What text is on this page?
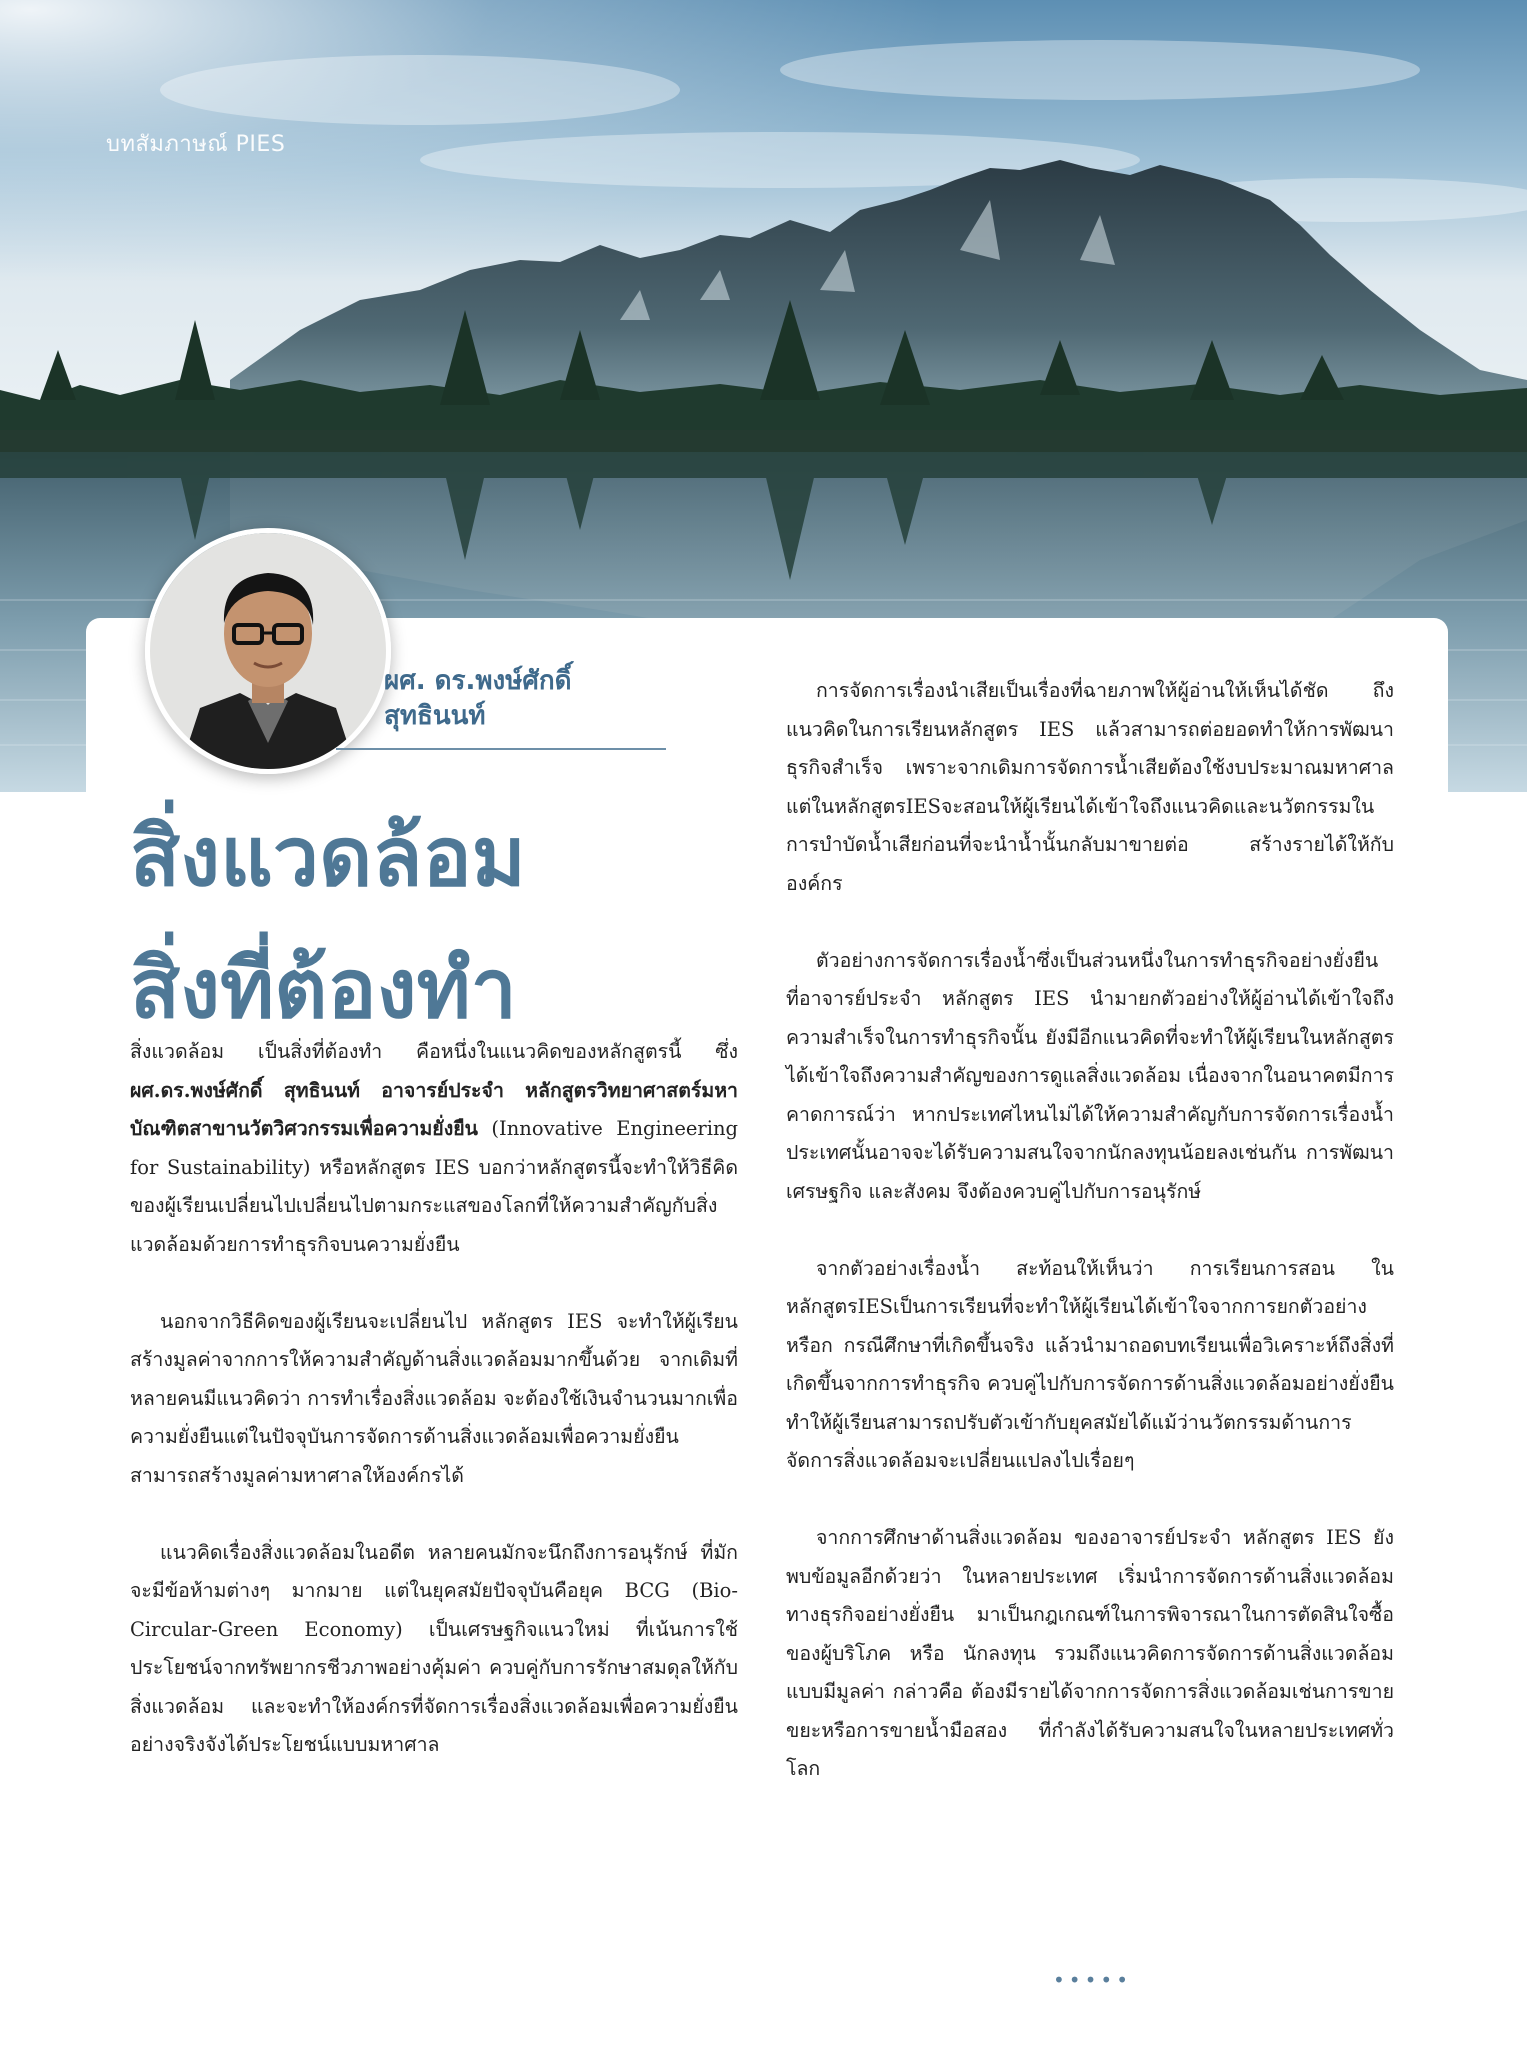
บทสัมภาษณ์ PIES
ผศ. ดร.พงษ์ศักดิ์
สุทธินนท์
สิ่งแวดล้อม
สิ่งที่ต้องทำ

สิ่งแวดล้อม เป็นสิ่งที่ต้องทำ คือหนึ่งในแนวคิดของหลักสูตรนี้ ซึ่ง ผศ.ดร.พงษ์ศักดิ์ สุทธินนท์ อาจารย์ประจำ หลักสูตรวิทยาศาสตร์มหาบัณฑิตสาขานวัตวิศวกรรมเพื่อความยั่งยืน (Innovative Engineering for Sustainability) หรือหลักสูตร IES บอกว่าหลักสูตรนี้จะทำให้วิธีคิดของผู้เรียนเปลี่ยนไปเปลี่ยนไปตามกระแสของโลกที่ให้ความสำคัญกับสิ่งแวดล้อมด้วยการทำธุรกิจบนความยั่งยืน

นอกจากวิธีคิดของผู้เรียนจะเปลี่ยนไป หลักสูตร IES จะทำให้ผู้เรียนสร้างมูลค่าจากการให้ความสำคัญด้านสิ่งแวดล้อมมากขึ้นด้วย จากเดิมที่หลายคนมีแนวคิดว่า การทำเรื่องสิ่งแวดล้อม จะต้องใช้เงินจำนวนมากเพื่อความยั่งยืนแต่ในปัจจุบันการจัดการด้านสิ่งแวดล้อมเพื่อความยั่งยืนสามารถสร้างมูลค่ามหาศาลให้องค์กรได้

แนวคิดเรื่องสิ่งแวดล้อมในอดีต หลายคนมักจะนึกถึงการอนุรักษ์ ที่มักจะมีข้อห้ามต่างๆ มากมาย แต่ในยุคสมัยปัจจุบันคือยุค BCG (Bio-Circular-Green Economy) เป็นเศรษฐกิจแนวใหม่ ที่เน้นการใช้ประโยชน์จากทรัพยากรชีวภาพอย่างคุ้มค่า ควบคู่กับการรักษาสมดุลให้กับสิ่งแวดล้อม และจะทำให้องค์กรที่จัดการเรื่องสิ่งแวดล้อมเพื่อความยั่งยืนอย่างจริงจังได้ประโยชน์แบบมหาศาล

การจัดการเรื่องนำเสียเป็นเรื่องที่ฉายภาพให้ผู้อ่านให้เห็นได้ชัด ถึงแนวคิดในการเรียนหลักสูตร IES แล้วสามารถต่อยอดทำให้การพัฒนาธุรกิจสำเร็จ เพราะจากเดิมการจัดการน้ำเสียต้องใช้งบประมาณมหาศาลแต่ในหลักสูตรIESจะสอนให้ผู้เรียนได้เข้าใจถึงแนวคิดและนวัตกรรมในการบำบัดน้ำเสียก่อนที่จะนำน้ำนั้นกลับมาขายต่อ สร้างรายได้ให้กับองค์กร

ตัวอย่างการจัดการเรื่องน้ำซึ่งเป็นส่วนหนึ่งในการทำธุรกิจอย่างยั่งยืน ที่อาจารย์ประจำ หลักสูตร IES นำมายกตัวอย่างให้ผู้อ่านได้เข้าใจถึงความสำเร็จในการทำธุรกิจนั้น ยังมีอีกแนวคิดที่จะทำให้ผู้เรียนในหลักสูตรได้เข้าใจถึงความสำคัญของการดูแลสิ่งแวดล้อม เนื่องจากในอนาคตมีการคาดการณ์ว่า หากประเทศไหนไม่ได้ให้ความสำคัญกับการจัดการเรื่องน้ำประเทศนั้นอาจจะได้รับความสนใจจากนักลงทุนน้อยลงเช่นกัน การพัฒนาเศรษฐกิจ และสังคม จึงต้องควบคู่ไปกับการอนุรักษ์

จากตัวอย่างเรื่องน้ำ สะท้อนให้เห็นว่า การเรียนการสอน ในหลักสูตรIESเป็นการเรียนที่จะทำให้ผู้เรียนได้เข้าใจจากการยกตัวอย่าง หรือก กรณีศึกษาที่เกิดขึ้นจริง แล้วนำมาถอดบทเรียนเพื่อวิเคราะห์ถึงสิ่งที่เกิดขึ้นจากการทำธุรกิจ ควบคู่ไปกับการจัดการด้านสิ่งแวดล้อมอย่างยั่งยืนทำให้ผู้เรียนสามารถปรับตัวเข้ากับยุคสมัยได้แม้ว่านวัตกรรมด้านการจัดการสิ่งแวดล้อมจะเปลี่ยนแปลงไปเรื่อยๆ

จากการศึกษาด้านสิ่งแวดล้อม ของอาจารย์ประจำ หลักสูตร IES ยังพบข้อมูลอีกด้วยว่า ในหลายประเทศ เริ่มนำการจัดการด้านสิ่งแวดล้อมทางธุรกิจอย่างยั่งยืน มาเป็นกฎเกณฑ์ในการพิจารณาในการตัดสินใจซื้อของผู้บริโภค หรือ นักลงทุน รวมถึงแนวคิดการจัดการด้านสิ่งแวดล้อมแบบมีมูลค่า กล่าวคือ ต้องมีรายได้จากการจัดการสิ่งแวดล้อมเช่นการขายขยะหรือการขายน้ำมือสอง ที่กำลังได้รับความสนใจในหลายประเทศทั่วโลก

•••••
